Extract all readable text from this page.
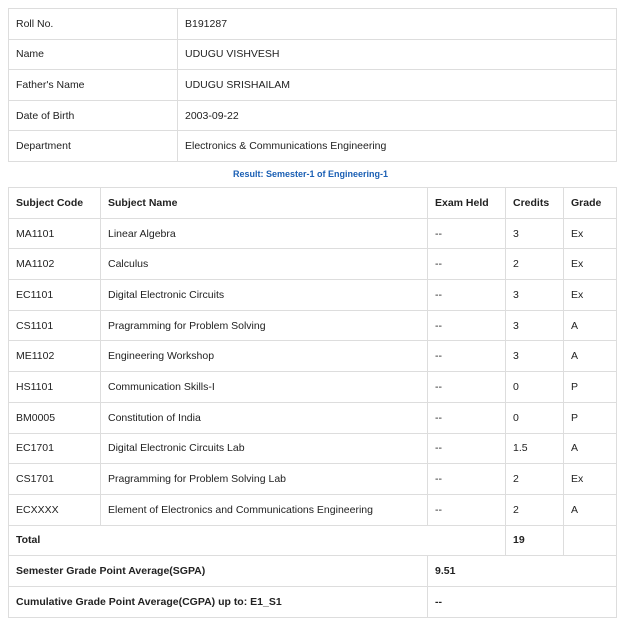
Roll No.	B191287
Name	UDUGU VISHVESH
Father's Name	UDUGU SRISHAILAM
Date of Birth	2003-09-22
Department	Electronics & Communications Engineering
Result: Semester-1 of Engineering-1
Subject Code	Subject Name	Exam Held	Credits	Grade
MA1101	Linear Algebra	--	3	Ex
MA1102	Calculus	--	2	Ex
EC1101	Digital Electronic Circuits	--	3	Ex
CS1101	Pragramming for Problem Solving	--	3	A
ME1102	Engineering Workshop	--	3	A
HS1101	Communication Skills-I	--	0	P
BM0005	Constitution of India	--	0	P
EC1701	Digital Electronic Circuits Lab	--	1.5	A
CS1701	Pragramming for Problem Solving Lab	--	2	Ex
ECXXXX	Element of Electronics and Communications Engineering	--	2	A
Total			19	
Semester Grade Point Average(SGPA)		9.51		
Cumulative Grade Point Average(CGPA) up to: E1_S1		--		
